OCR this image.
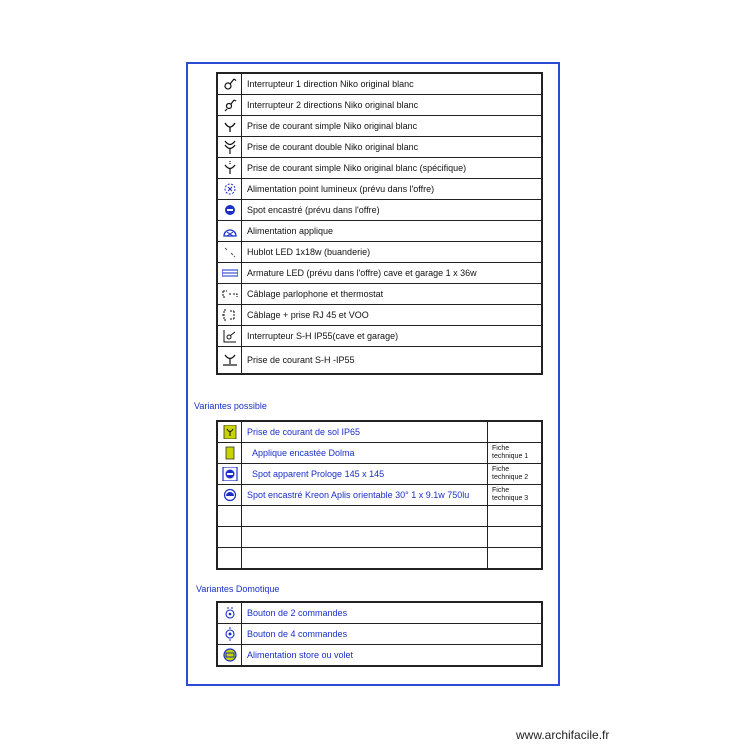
	Interrupteur 1 direction Niko original blanc
	Interrupteur 2 directions Niko original blanc
	Prise de courant simple Niko original blanc
	Prise de courant double Niko original blanc
	Prise de courant simple Niko original blanc (spécifique)
	Alimentation point lumineux (prévu dans l'offre)
	Spot encastré (prévu dans l'offre)
	Alimentation applique
	Hublot LED 1x18w (buanderie)
	Armature LED (prévu dans l'offre) cave et garage 1 x 36w
	Câblage parlophone et thermostat
	Câblage + prise RJ 45 et VOO
	Interrupteur S-H IP55(cave et garage)
	Prise de courant S-H -IP55
Variantes possible
	Prise de courant de sol IP65	
	Applique encastée Dolma	Fiche technique 1
	Spot apparent Prologe 145 x 145	Fiche technique 2
	Spot encastré Kreon Aplis orientable 30° 1 x 9.1w 750lu	Fiche technique 3

Variantes Domotique
	Bouton de 2 commandes
	Bouton de 4 commandes
	Alimentation store ou volet
www.archifacile.fr
